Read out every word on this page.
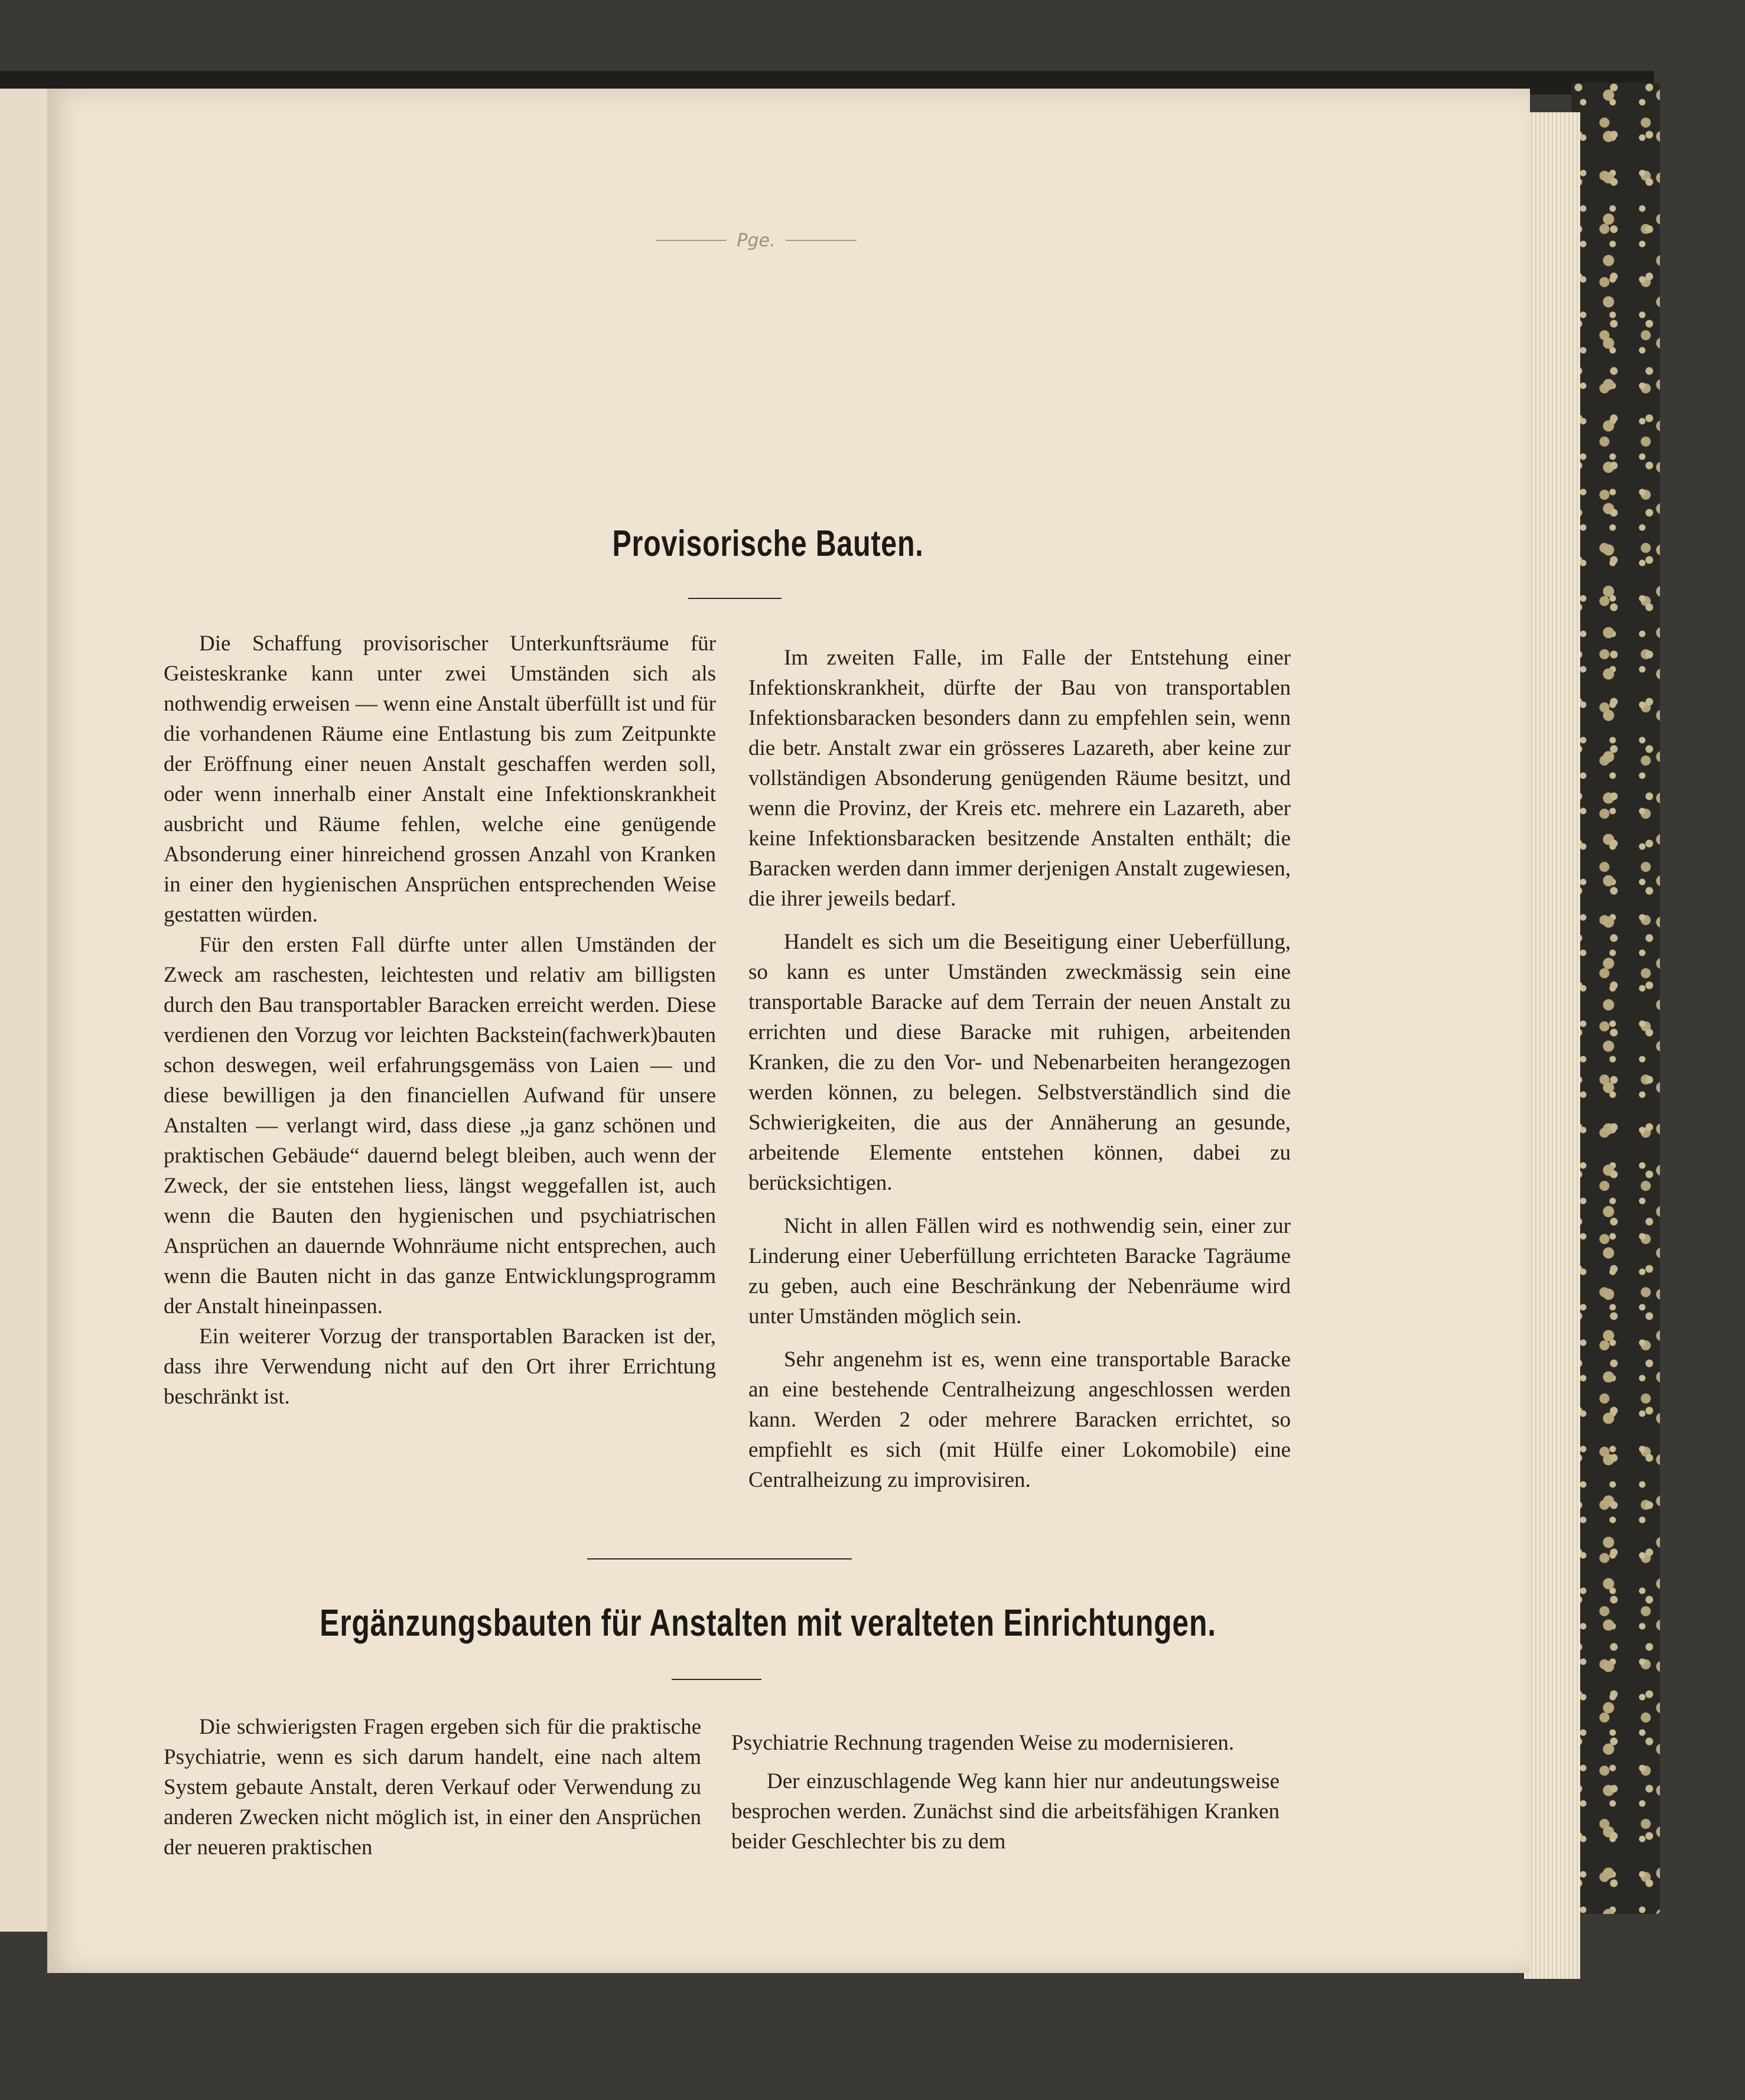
Pge.
Provisorische Bauten.

Die Schaffung provisorischer Unterkunftsräume für Geisteskranke kann unter zwei Umständen sich als nothwendig erweisen — wenn eine Anstalt überfüllt ist und für die vorhandenen Räume eine Entlastung bis zum Zeitpunkte der Eröffnung einer neuen Anstalt geschaffen werden soll, oder wenn innerhalb einer Anstalt eine Infektionskrankheit ausbricht und Räume fehlen, welche eine genügende Absonderung einer hinreichend grossen Anzahl von Kranken in einer den hygienischen Ansprüchen entsprechenden Weise gestatten würden.

Für den ersten Fall dürfte unter allen Umständen der Zweck am raschesten, leichtesten und relativ am billigsten durch den Bau transportabler Baracken erreicht werden. Diese verdienen den Vorzug vor leichten Backstein(fachwerk)bauten schon deswegen, weil erfahrungsgemäss von Laien — und diese bewilligen ja den financiellen Aufwand für unsere Anstalten — verlangt wird, dass diese „ja ganz schönen und praktischen Gebäude“ dauernd belegt bleiben, auch wenn der Zweck, der sie entstehen liess, längst weggefallen ist, auch wenn die Bauten den hygienischen und psychiatrischen Ansprüchen an dauernde Wohnräume nicht entsprechen, auch wenn die Bauten nicht in das ganze Entwicklungsprogramm der Anstalt hineinpassen.

Ein weiterer Vorzug der transportablen Baracken ist der, dass ihre Verwendung nicht auf den Ort ihrer Errichtung beschränkt ist.

Im zweiten Falle, im Falle der Entstehung einer Infektionskrankheit, dürfte der Bau von transportablen Infektionsbaracken besonders dann zu empfehlen sein, wenn die betr. Anstalt zwar ein grösseres Lazareth, aber keine zur vollständigen Absonderung genügenden Räume besitzt, und wenn die Provinz, der Kreis etc. mehrere ein Lazareth, aber keine Infektionsbaracken besitzende Anstalten enthält; die Baracken werden dann immer derjenigen Anstalt zugewiesen, die ihrer jeweils bedarf.

Handelt es sich um die Beseitigung einer Ueberfüllung, so kann es unter Umständen zweckmässig sein eine transportable Baracke auf dem Terrain der neuen Anstalt zu errichten und diese Baracke mit ruhigen, arbeitenden Kranken, die zu den Vor- und Nebenarbeiten herangezogen werden können, zu belegen. Selbstverständlich sind die Schwierigkeiten, die aus der Annäherung an gesunde, arbeitende Elemente entstehen können, dabei zu berücksichtigen.

Nicht in allen Fällen wird es nothwendig sein, einer zur Linderung einer Ueberfüllung errichteten Baracke Tagräume zu geben, auch eine Beschränkung der Nebenräume wird unter Umständen möglich sein.

Sehr angenehm ist es, wenn eine transportable Baracke an eine bestehende Centralheizung angeschlossen werden kann. Werden 2 oder mehrere Baracken errichtet, so empfiehlt es sich (mit Hülfe einer Lokomobile) eine Centralheizung zu improvisiren.

Ergänzungsbauten für Anstalten mit veralteten Einrichtungen.

Die schwierigsten Fragen ergeben sich für die praktische Psychiatrie, wenn es sich darum handelt, eine nach altem System gebaute Anstalt, deren Verkauf oder Verwendung zu anderen Zwecken nicht möglich ist, in einer den Ansprüchen der neueren praktischen

Psychiatrie Rechnung tragenden Weise zu modernisieren.

Der einzuschlagende Weg kann hier nur andeutungsweise besprochen werden. Zunächst sind die arbeitsfähigen Kranken beider Geschlechter bis zu dem
